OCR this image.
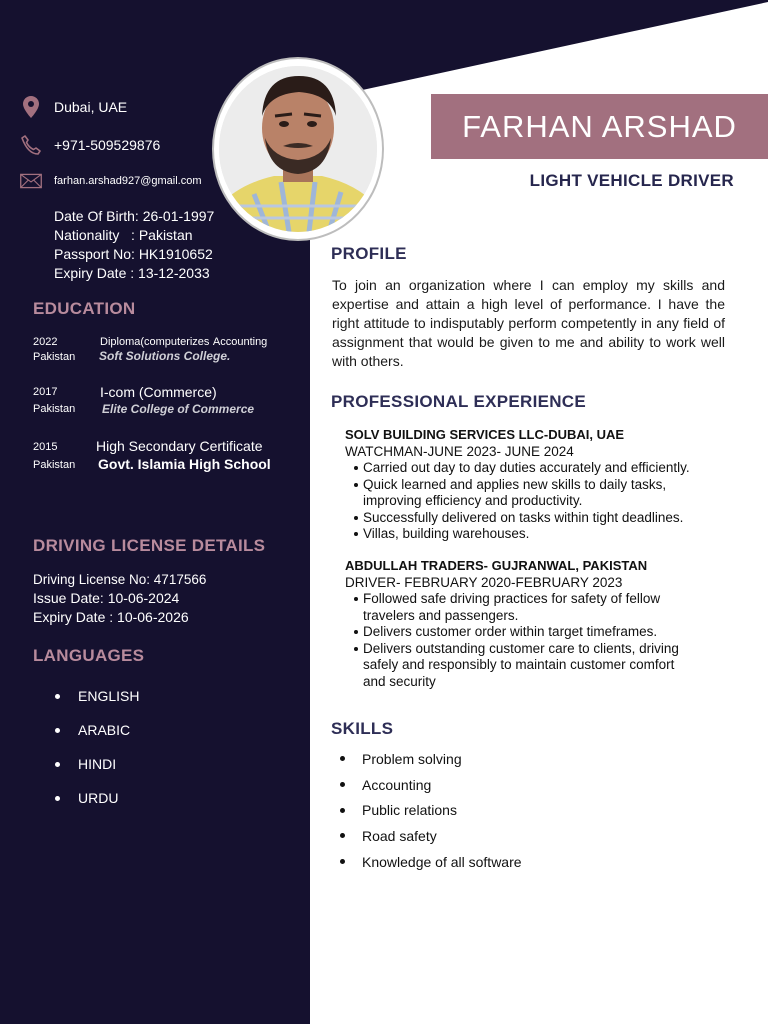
FARHAN ARSHAD
LIGHT VEHICLE DRIVER
Dubai, UAE
+971-509529876
farhan.arshad927@gmail.com
Date Of Birth: 26-01-1997
Nationality   : Pakistan
Passport No: HK1910652
Expiry Date : 13-12-2033
EDUCATION
2022
Pakistan
Diploma(computerizes Accounting
Soft Solutions College.
2017
Pakistan
I-com (Commerce)
Elite College of Commerce
2015
Pakistan
High Secondary Certificate
Govt. Islamia High School
DRIVING LICENSE DETAILS
Driving License No: 4717566
Issue Date: 10-06-2024
Expiry Date : 10-06-2026
LANGUAGES
ENGLISH
ARABIC
HINDI
URDU
PROFILE
To join an organization where I can employ my skills and expertise and attain a high level of performance. I have the right attitude to indisputably perform competently in any field of assignment that would be given to me and ability to work well with others.
PROFESSIONAL EXPERIENCE
SOLV BUILDING SERVICES LLC-DUBAI, UAE
WATCHMAN-JUNE 2023- JUNE 2024
Carried out day to day duties accurately and efficiently.
Quick learned and applies new skills to daily tasks, improving efficiency and productivity.
Successfully delivered on tasks within tight deadlines.
Villas, building warehouses.
ABDULLAH TRADERS- GUJRANWAL, PAKISTAN
DRIVER- FEBRUARY 2020-FEBRUARY 2023
Followed safe driving practices for safety of fellow travelers and passengers.
Delivers customer order within target timeframes.
Delivers outstanding customer care to clients, driving safely and responsibly to maintain customer comfort and security
SKILLS
Problem solving
Accounting
Public relations
Road safety
Knowledge of all software
